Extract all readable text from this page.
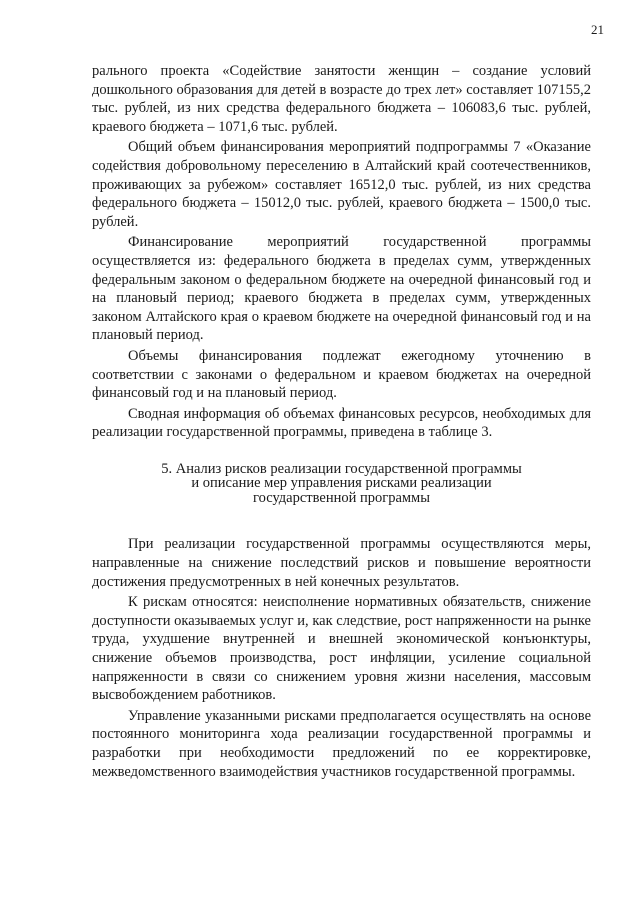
21

рального проекта «Содействие занятости женщин – создание условий дошкольного образования для детей в возрасте до трех лет» составляет 107155,2 тыс. рублей, из них средства федерального бюджета – 106083,6 тыс. рублей, краевого бюджета – 1071,6 тыс. рублей.

Общий объем финансирования мероприятий подпрограммы 7 «Оказание содействия добровольному переселению в Алтайский край соотечественников, проживающих за рубежом» составляет 16512,0 тыс. рублей, из них средства федерального бюджета – 15012,0 тыс. рублей, краевого бюджета – 1500,0 тыс. рублей.

Финансирование мероприятий государственной программы осуществляется из: федерального бюджета в пределах сумм, утвержденных федеральным законом о федеральном бюджете на очередной финансовый год и на плановый период; краевого бюджета в пределах сумм, утвержденных законом Алтайского края о краевом бюджете на очередной финансовый год и на плановый период.

Объемы финансирования подлежат ежегодному уточнению в соответствии с законами о федеральном и краевом бюджетах на очередной финансовый год и на плановый период.

Сводная информация об объемах финансовых ресурсов, необходимых для реализации государственной программы, приведена в таблице 3.

5. Анализ рисков реализации государственной программы
и описание мер управления рисками реализации
государственной программы

При реализации государственной программы осуществляются меры, направленные на снижение последствий рисков и повышение вероятности достижения предусмотренных в ней конечных результатов.

К рискам относятся: неисполнение нормативных обязательств, снижение доступности оказываемых услуг и, как следствие, рост напряженности на рынке труда, ухудшение внутренней и внешней экономической конъюнктуры, снижение объемов производства, рост инфляции, усиление социальной напряженности в связи со снижением уровня жизни населения, массовым высвобождением работников.

Управление указанными рисками предполагается осуществлять на основе постоянного мониторинга хода реализации государственной программы и разработки при необходимости предложений по ее корректировке, межведомственного взаимодействия участников государственной программы.
